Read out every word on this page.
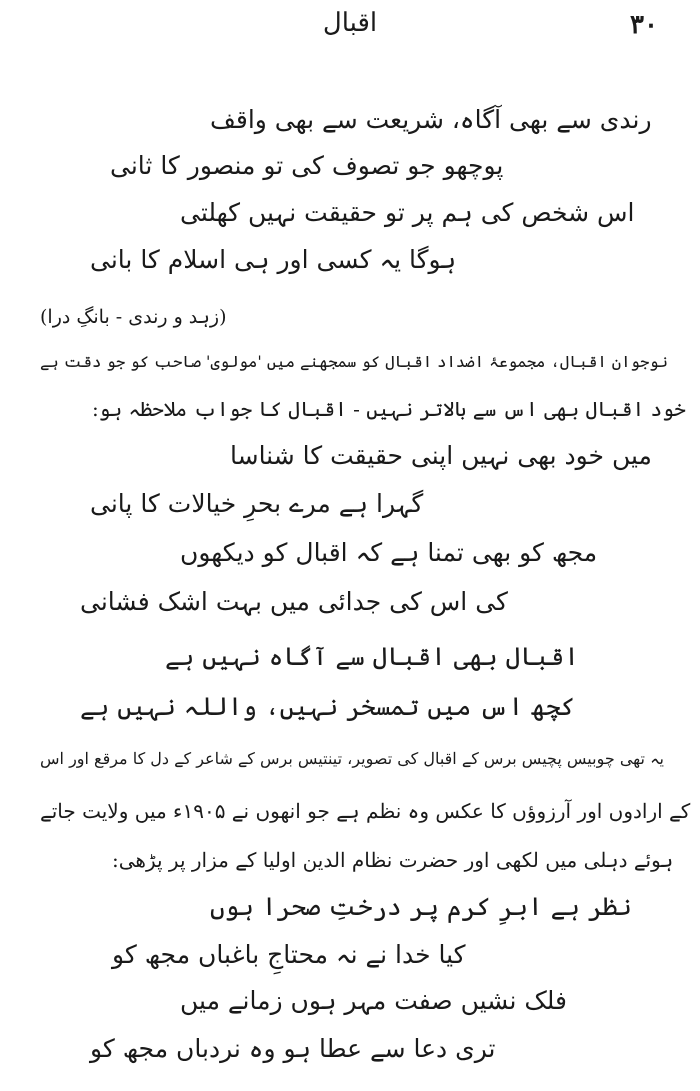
اقبال	۳۰
رندی سے بھی آگاہ، شریعت سے بھی واقف
پوچھو جو تصوف کی تو منصور کا ثانی
اس شخص کی ہم پر تو حقیقت نہیں کھلتی
ہوگا یہ کسی اور ہی اسلام کا بانی
(زہد و رندی - بانگِ درا)
نوجوان اقبال، مجموعۂ اضداد اقبال کو سمجھنے میں 'مولوی' صاحب کو جو دقت ہے
خود اقبال بھی اس سے بالاتر نہیں - اقبال کا جواب ملاحظہ ہو:
میں خود بھی نہیں اپنی حقیقت کا شناسا
گہرا ہے مرے بحرِ خیالات کا پانی
مجھ کو بھی تمنا ہے کہ اقبال کو دیکھوں
کی اس کی جدائی میں بہت اشک فشانی
اقبال بھی اقبال سے آگاہ نہیں ہے
کچھ اس میں تمسخر نہیں، واللہ نہیں ہے
یہ تھی چوبیس پچیس برس کے اقبال کی تصویر، تینتیس برس کے شاعر کے دل کا مرقع اور اس
کے ارادوں اور آرزوؤں کا عکس وہ نظم ہے جو انھوں نے ۱۹۰۵ء میں ولایت جاتے
ہوئے دہلی میں لکھی اور حضرت نظام الدین اولیا کے مزار پر پڑھی:
نظر ہے ابرِ کرم پر درختِ صحرا ہوں
کیا خدا نے نہ محتاجِ باغباں مجھ کو
فلک نشیں صفت مہر ہوں زمانے میں
تری دعا سے عطا ہو وہ نردباں مجھ کو
